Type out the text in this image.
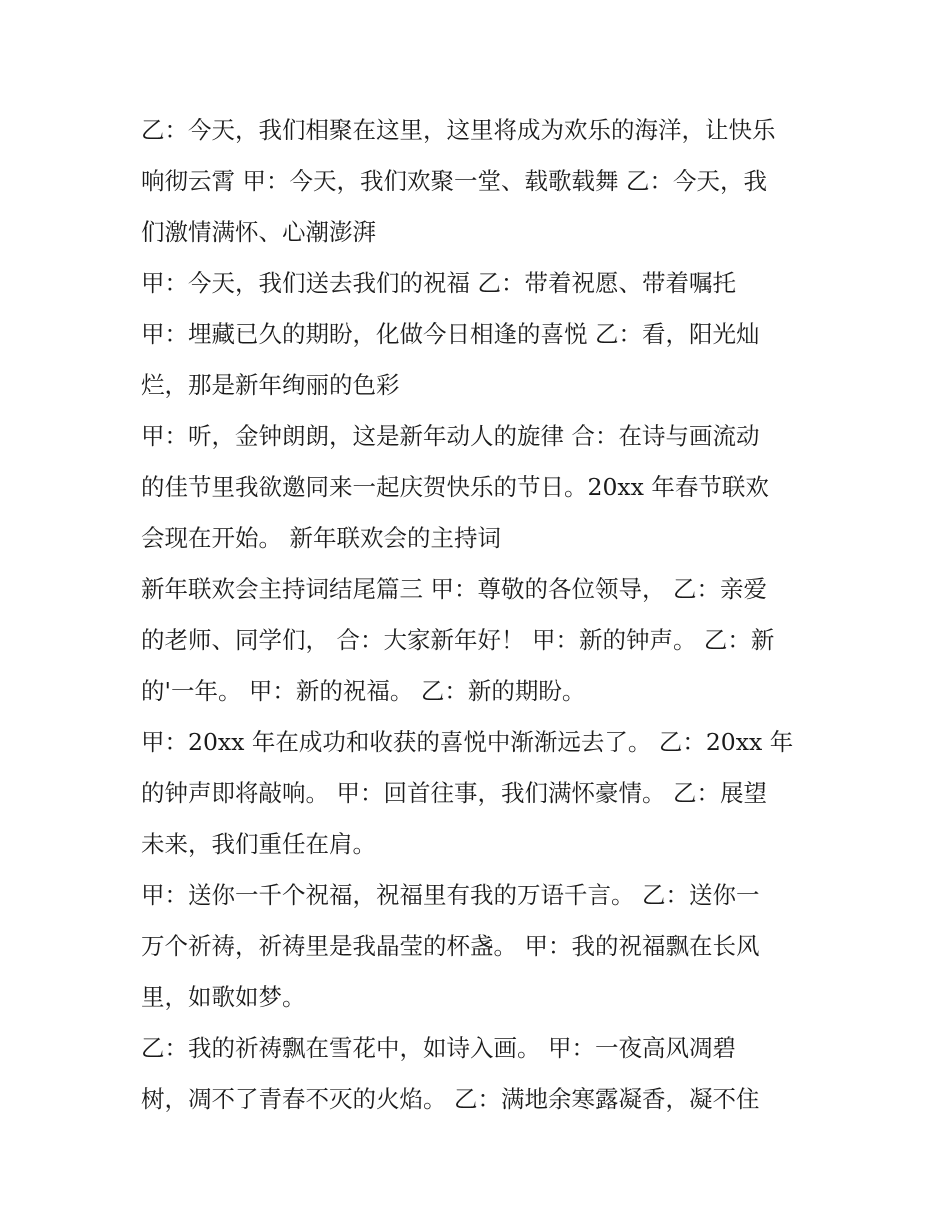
乙：今天，我们相聚在这里，这里将成为欢乐的海洋，让快乐
响彻云霄 甲：今天，我们欢聚一堂、载歌载舞 乙：今天，我
们激情满怀、心潮澎湃
甲：今天，我们送去我们的祝福 乙：带着祝愿、带着嘱托
甲：埋藏已久的期盼，化做今日相逢的喜悦 乙：看，阳光灿
烂，那是新年绚丽的色彩
甲：听，金钟朗朗，这是新年动人的旋律 合：在诗与画流动
的佳节里我欲邀同来一起庆贺快乐的节日。20xx 年春节联欢
会现在开始。 新年联欢会的主持词
新年联欢会主持词结尾篇三 甲：尊敬的各位领导， 乙：亲爱
的老师、同学们， 合：大家新年好！ 甲：新的钟声。 乙：新
的'一年。 甲：新的祝福。 乙：新的期盼。
甲：20xx 年在成功和收获的喜悦中渐渐远去了。 乙：20xx 年
的钟声即将敲响。 甲：回首往事，我们满怀豪情。 乙：展望
未来，我们重任在肩。
甲：送你一千个祝福，祝福里有我的万语千言。 乙：送你一
万个祈祷，祈祷里是我晶莹的杯盏。 甲：我的祝福飘在长风
里，如歌如梦。
乙：我的祈祷飘在雪花中，如诗入画。 甲：一夜高风凋碧
树，凋不了青春不灭的火焰。 乙：满地余寒露凝香，凝不住
